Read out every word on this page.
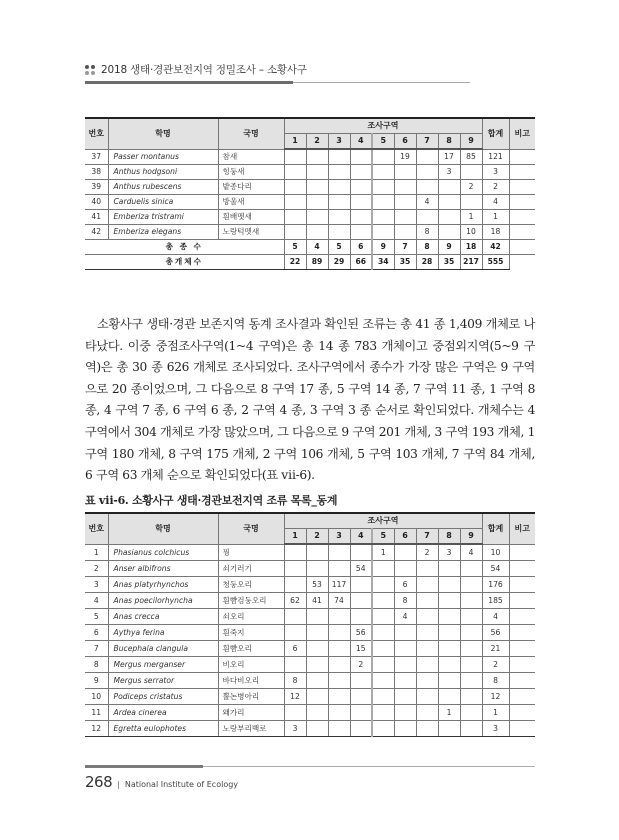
2018 생태·경관보전지역 정밀조사 – 소황사구
번호	학명	국명	조사구역									합계	비고
			1	2	3	4	5	6	7	8	9		
37	Passer montanus	참새						19		17	85	121	
38	Anthus hodgsoni	힝둥새								3		3	
39	Anthus rubescens	밭종다리									2	2	
40	Carduelis sinica	방울새							4			4	
41	Emberiza tristrami	흰배멧새									1	1	
42	Emberiza elegans	노랑턱멧새							8		10	18	
총 종 수			5	4	5	6	9	7	8	9	18	42	
총개체수			22	89	29	66	34	35	28	35	217	555	

소황사구 생태·경관 보존지역 동계 조사결과 확인된 조류는 총 41 종 1,409 개체로 나타났다. 이중 중점조사구역(1~4 구역)은 총 14 종 783 개체이고 중점외지역(5~9 구역)은 총 30 종 626 개체로 조사되었다. 조사구역에서 종수가 가장 많은 구역은 9 구역으로 20 종이었으며, 그 다음으로 8 구역 17 종, 5 구역 14 종, 7 구역 11 종, 1 구역 8 종, 4 구역 7 종, 6 구역 6 종, 2 구역 4 종, 3 구역 3 종 순서로 확인되었다. 개체수는 4 구역에서 304 개체로 가장 많았으며, 그 다음으로 9 구역 201 개체, 3 구역 193 개체, 1 구역 180 개체, 8 구역 175 개체, 2 구역 106 개체, 5 구역 103 개체, 7 구역 84 개체, 6 구역 63 개체 순으로 확인되었다(표 ⅶ-6).

표 ⅶ-6. 소황사구 생태·경관보전지역 조류 목록_동계
번호	학명	국명	조사구역									합계	비고
			1	2	3	4	5	6	7	8	9		
1	Phasianus colchicus	꿩					1		2	3	4	10	
2	Anser albifrons	쇠기러기				54						54	
3	Anas platyrhynchos	청둥오리		53	117			6				176	
4	Anas poecilorhyncha	흰뺨검둥오리	62	41	74			8				185	
5	Anas crecca	쇠오리						4				4	
6	Aythya ferina	흰죽지				56						56	
7	Bucephala clangula	흰뺨오리	6			15						21	
8	Mergus merganser	비오리				2						2	
9	Mergus serrator	바다비오리	8									8	
10	Podiceps cristatus	뿔논병아리	12									12	
11	Ardea cinerea	왜가리								1		1	
12	Egretta eulophotes	노랑부리백로	3									3	
268 | National Institute of Ecology
